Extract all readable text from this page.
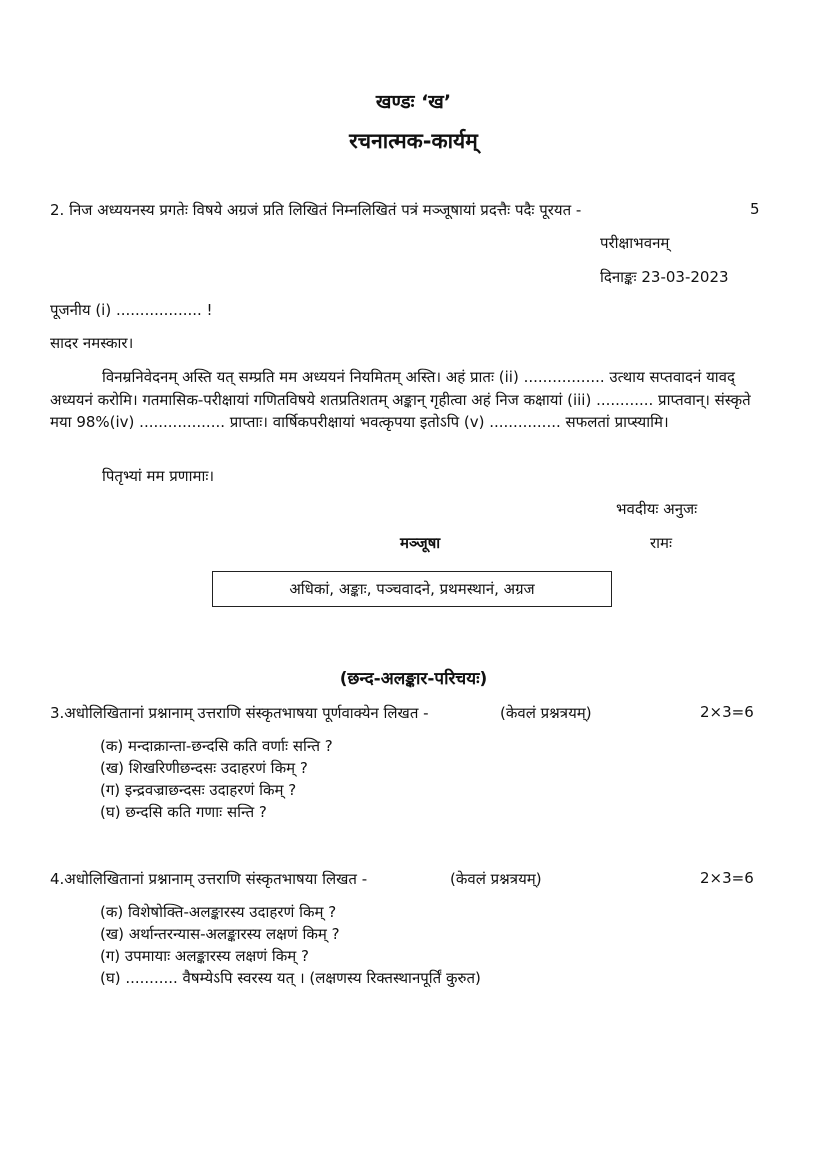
खण्डः ‘ख’
रचनात्मक-कार्यम्
2. निज अध्ययनस्य प्रगतेः विषये अग्रजं प्रति लिखितं निम्नलिखितं पत्रं मञ्जूषायां प्रदत्तैः पदैः पूरयत -	5
परीक्षाभवनम्
दिनाङ्कः 23-03-2023
पूजनीय (i) .................. !
सादर नमस्कार।
विनम्रनिवेदनम् अस्ति यत् सम्प्रति मम अध्ययनं नियमितम् अस्ति। अहं प्रातः (ii) ................. उत्थाय सप्तवादनं यावद् अध्ययनं करोमि। गतमासिक-परीक्षायां गणितविषये शतप्रतिशतम् अङ्कान् गृहीत्वा अहं निज कक्षायां (iii) ............ प्राप्तवान्। संस्कृते मया 98%(iv) .................. प्राप्ताः। वार्षिकपरीक्षायां भवत्कृपया इतोऽपि (v) ............... सफलतां प्राप्स्यामि।
पितृभ्यां मम प्रणामाः।
भवदीयः अनुजः
मञ्जूषा	रामः
अधिकां, अङ्काः, पञ्चवादने, प्रथमस्थानं, अग्रज
(छन्द-अलङ्कार-परिचयः)
3.अधोलिखितानां प्रश्नानाम् उत्तराणि संस्कृतभाषया पूर्णवाक्येन लिखत -	(केवलं प्रश्नत्रयम्)	2×3=6
(क) मन्दाक्रान्ता-छन्दसि कति वर्णाः सन्ति ?
(ख) शिखरिणीछन्दसः उदाहरणं किम् ?
(ग) इन्द्रवज्राछन्दसः उदाहरणं किम् ?
(घ) छन्दसि कति गणाः सन्ति ?
4.अधोलिखितानां प्रश्नानाम् उत्तराणि संस्कृतभाषया लिखत -	(केवलं प्रश्नत्रयम्)	2×3=6
(क) विशेषोक्ति-अलङ्कारस्य उदाहरणं किम् ?
(ख) अर्थान्तरन्यास-अलङ्कारस्य लक्षणं किम् ?
(ग) उपमायाः अलङ्कारस्य लक्षणं किम् ?
(घ) ........... वैषम्येऽपि स्वरस्य यत् । (लक्षणस्य रिक्तस्थानपूर्तिं कुरुत)
